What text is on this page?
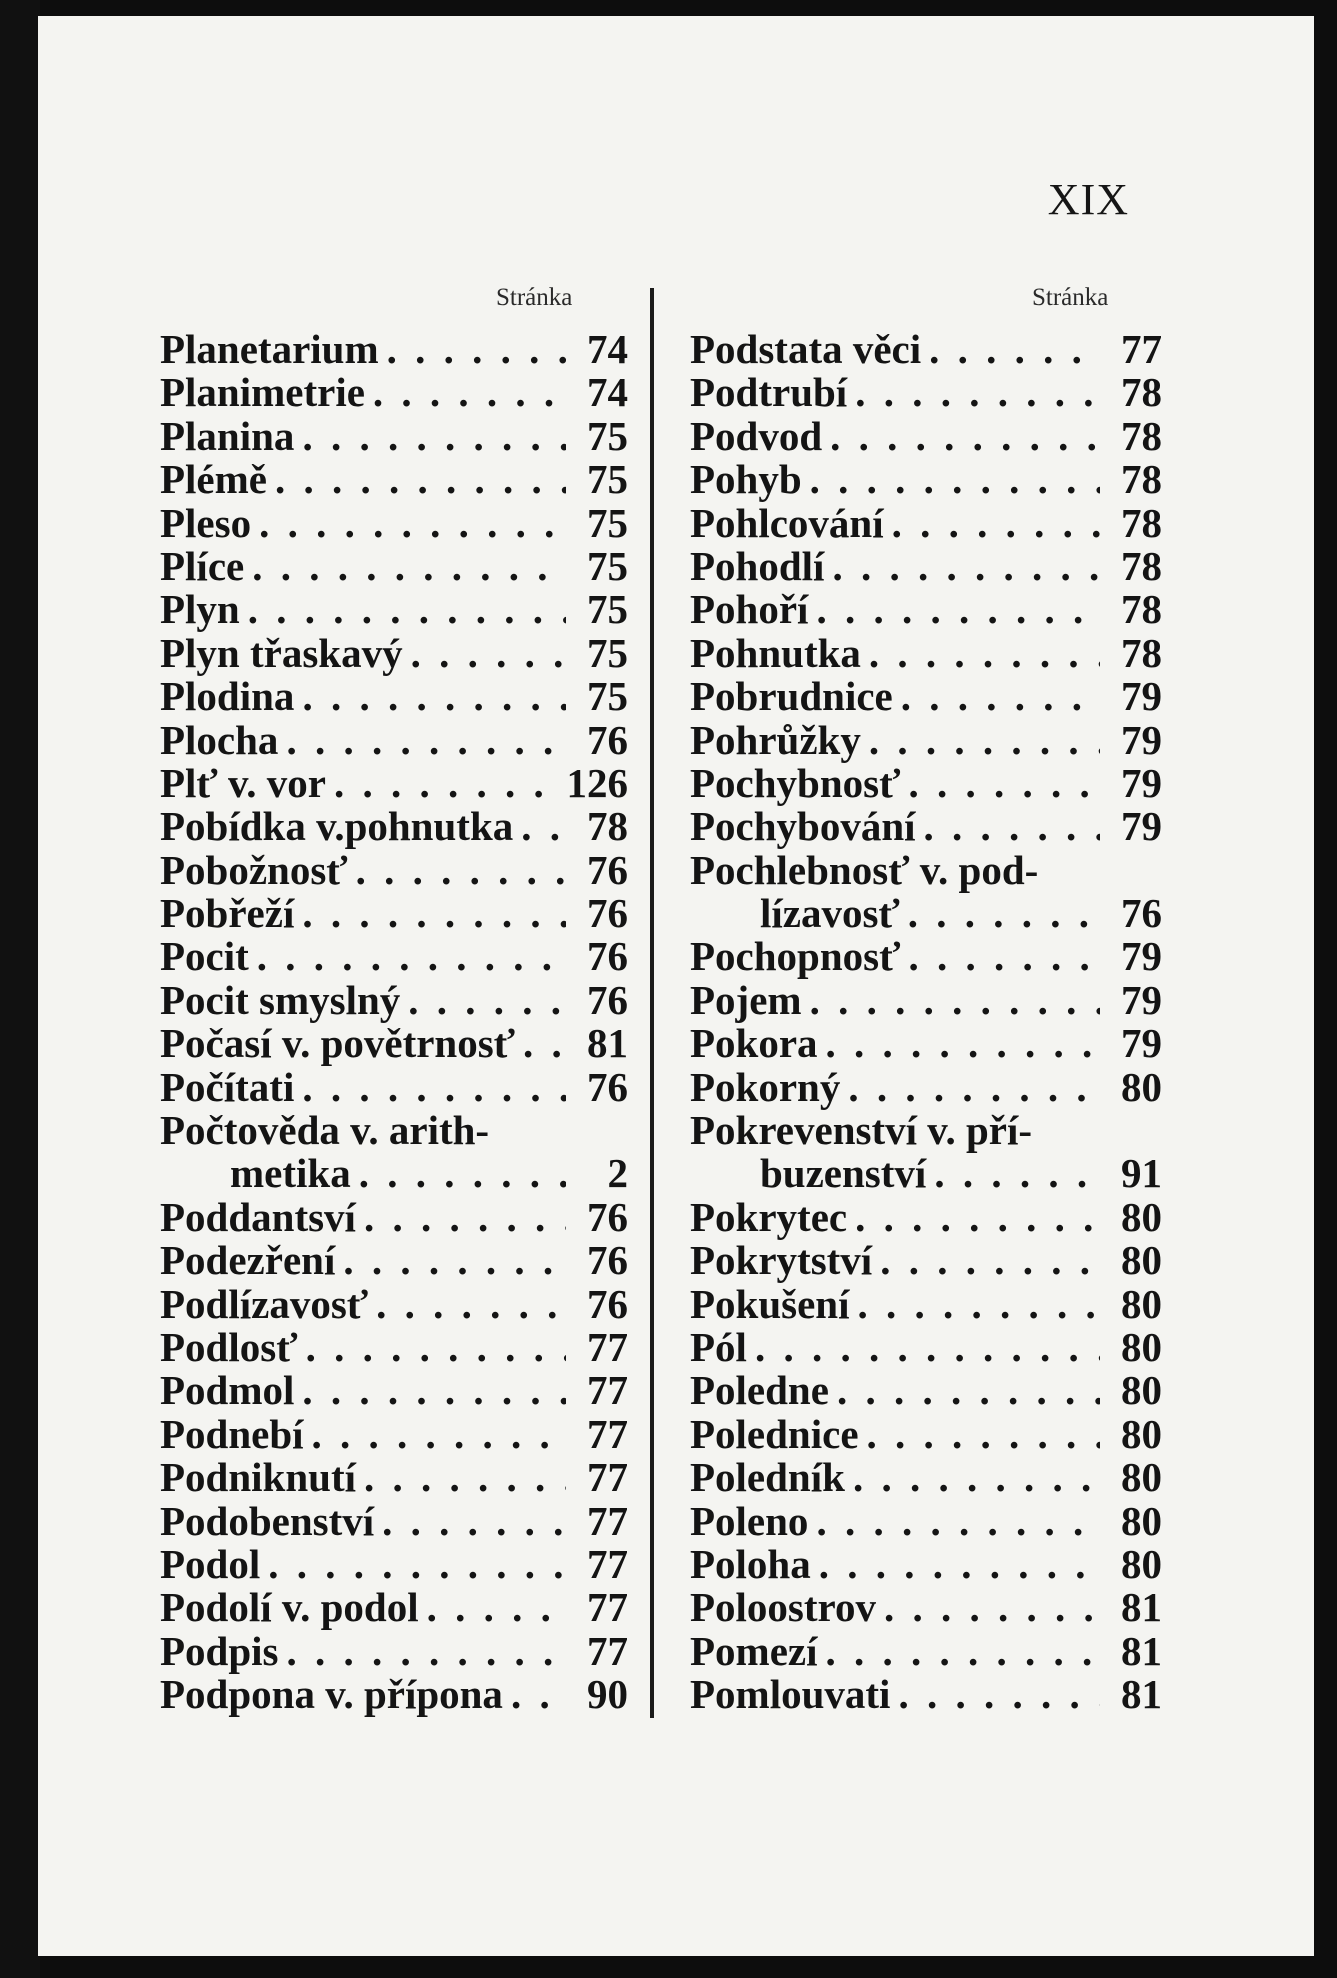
XIX
Stránka	Stránka
Planetarium . . .	74
Planimetrie . . .	74
Planina . . .	75
Plémě . . .	75
Pleso . . .	75
Plíce . . .	75
Plyn . . .	75
Plyn třaskavý . . .	75
Plodina . . .	75
Plocha . . .	76
Plť v. vor . . .	126
Pobídka v.pohnutka . . .	78
Pobožnosť . . .	76
Pobřeží . . .	76
Pocit . . .	76
Pocit smyslný . . .	76
Počasí v. povětrnosť . . .	81
Počítati . . .	76
Počtověda v. arith-
metika . . .	2
Poddantsví . . .	76
Podezření . . .	76
Podlízavosť . . .	76
Podlosť . . .	77
Podmol . . .	77
Podnebí . . .	77
Podniknutí . . .	77
Podobenství . . .	77
Podol . . .	77
Podolí v. podol . . .	77
Podpis . . .	77
Podpona v. přípona . . .	90
Podstata věci . . .	77
Podtrubí . . .	78
Podvod . . .	78
Pohyb . . .	78
Pohlcování . . .	78
Pohodlí . . .	78
Pohoří . . .	78
Pohnutka . . .	78
Pobrudnice . . .	79
Pohrůžky . . .	79
Pochybnosť . . .	79
Pochybování . . .	79
Pochlebnosť v. pod-
lízavosť . . .	76
Pochopnosť . . .	79
Pojem . . .	79
Pokora . . .	79
Pokorný . . .	80
Pokrevenství v. pří-
buzenství . . .	91
Pokrytec . . .	80
Pokrytství . . .	80
Pokušení . . .	80
Pól . . .	80
Poledne . . .	80
Polednice . . .	80
Poledník . . .	80
Poleno . . .	80
Poloha . . .	80
Poloostrov . . .	81
Pomezí . . .	81
Pomlouvati . . .	81
